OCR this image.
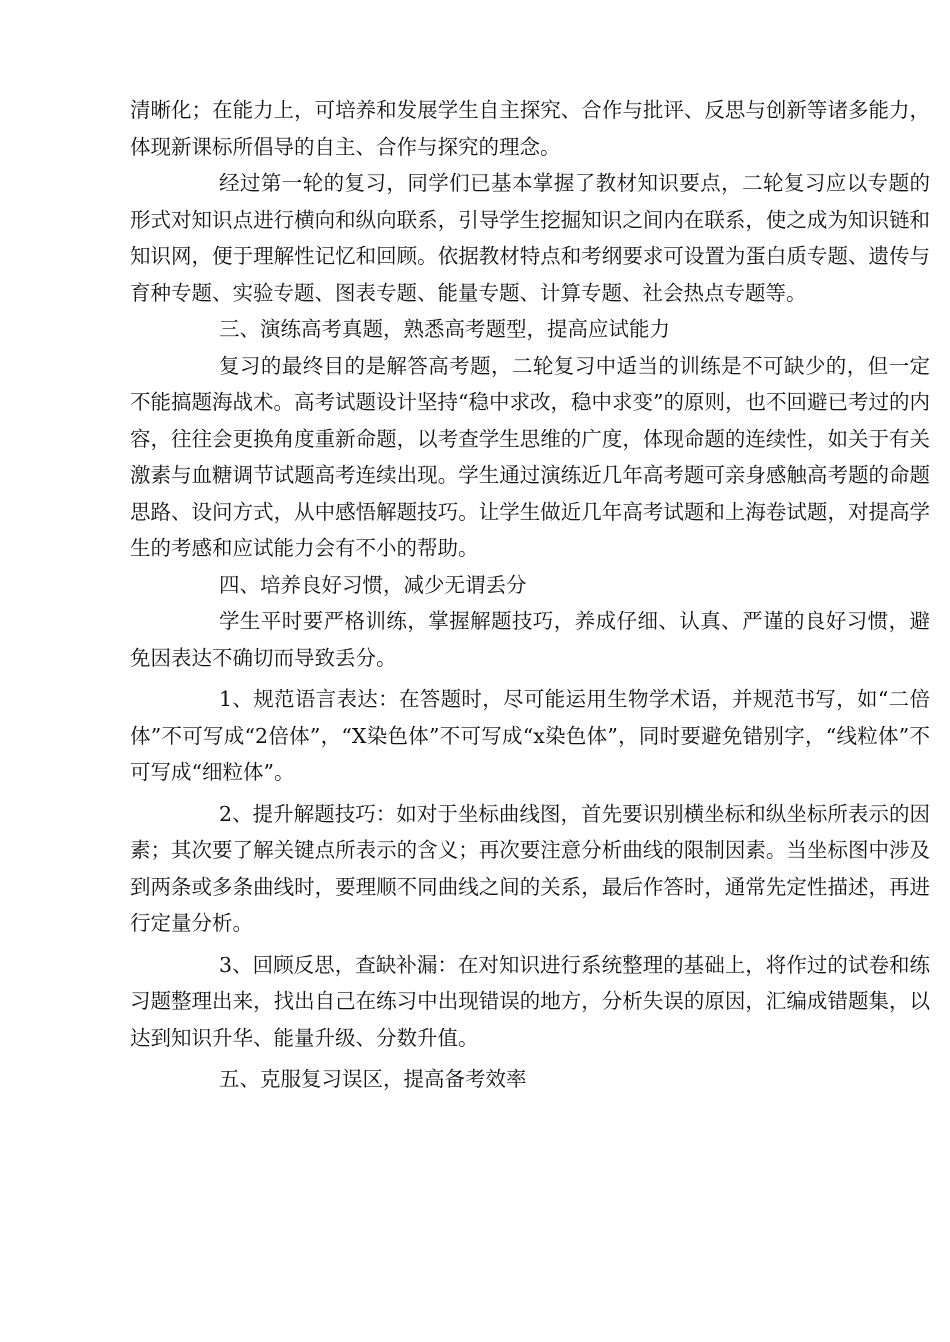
清晰化；在能力上，可培养和发展学生自主探究、合作与批评、反思与创新等诸多能力，体现新课标所倡导的自主、合作与探究的理念。

经过第一轮的复习，同学们已基本掌握了教材知识要点，二轮复习应以专题的形式对知识点进行横向和纵向联系，引导学生挖掘知识之间内在联系，使之成为知识链和知识网，便于理解性记忆和回顾。依据教材特点和考纲要求可设置为蛋白质专题、遗传与育种专题、实验专题、图表专题、能量专题、计算专题、社会热点专题等。

三、演练高考真题，熟悉高考题型，提高应试能力

复习的最终目的是解答高考题，二轮复习中适当的训练是不可缺少的，但一定不能搞题海战术。高考试题设计坚持“稳中求改，稳中求变”的原则，也不回避已考过的内容，往往会更换角度重新命题，以考查学生思维的广度，体现命题的连续性，如关于有关激素与血糖调节试题高考连续出现。学生通过演练近几年高考题可亲身感触高考题的命题思路、设问方式，从中感悟解题技巧。让学生做近几年高考试题和上海卷试题，对提高学生的考感和应试能力会有不小的帮助。

四、培养良好习惯，减少无谓丢分

学生平时要严格训练，掌握解题技巧，养成仔细、认真、严谨的良好习惯，避免因表达不确切而导致丢分。

1、规范语言表达：在答题时，尽可能运用生物学术语，并规范书写，如“二倍体”不可写成“2倍体”，“X染色体”不可写成“x染色体”，同时要避免错别字，“线粒体”不可写成“细粒体”。

2、提升解题技巧：如对于坐标曲线图，首先要识别横坐标和纵坐标所表示的因素；其次要了解关键点所表示的含义；再次要注意分析曲线的限制因素。当坐标图中涉及到两条或多条曲线时，要理顺不同曲线之间的关系，最后作答时，通常先定性描述，再进行定量分析。

3、回顾反思，查缺补漏：在对知识进行系统整理的基础上，将作过的试卷和练习题整理出来，找出自己在练习中出现错误的地方，分析失误的原因，汇编成错题集，以达到知识升华、能量升级、分数升值。

五、克服复习误区，提高备考效率
